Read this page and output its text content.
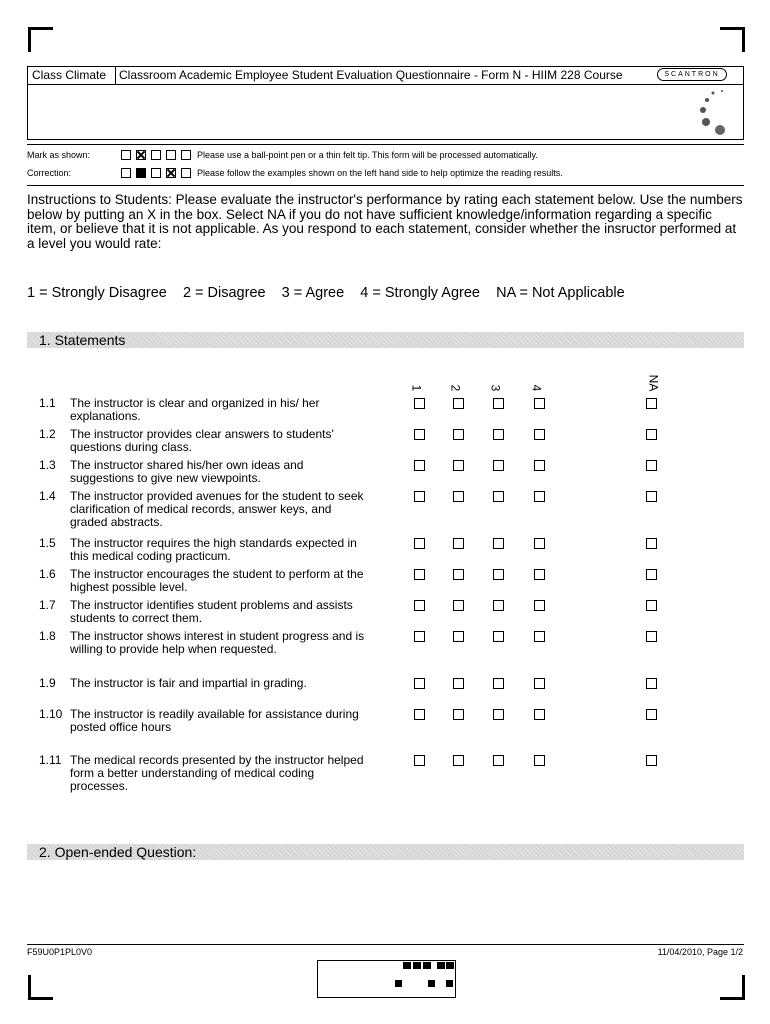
Class Climate Classroom Academic Employee Student Evaluation Questionnaire - Form N - HIIM 228 Course	SCANTRON
Mark as shown:	Please use a ball-point pen or a thin felt tip. This form will be processed automatically.
Correction:	Please follow the examples shown on the left hand side to help optimize the reading results.
Instructions to Students: Please evaluate the instructor's performance by rating each statement below. Use the numbers below by putting an X in the box. Select NA if you do not have sufficient knowledge/information regarding a specific item, or believe that it is not applicable. As you respond to each statement, consider whether the insructor performed at a level you would rate:
1 = Strongly Disagree    2 = Disagree    3 = Agree    4 = Strongly Agree    NA = Not Applicable
1. Statements
1 2 3 4	NA
1.1 The instructor is clear and organized in his/ her explanations.
1.2 The instructor provides clear answers to students' questions during class.
1.3 The instructor shared his/her own ideas and suggestions to give new viewpoints.
1.4 The instructor provided avenues for the student to seek clarification of medical records, answer keys, and graded abstracts.
1.5 The instructor requires the high standards expected in this medical coding practicum.
1.6 The instructor encourages the student to perform at the highest possible level.
1.7 The instructor identifies student problems and assists students to correct them.
1.8 The instructor shows interest in student progress and is willing to provide help when requested.
1.9 The instructor is fair and impartial in grading.
1.10 The instructor is readily available for assistance during posted office hours
1.11 The medical records presented by the instructor helped form a better understanding of medical coding processes.
2. Open-ended Question:
F59U0P1PL0V0	11/04/2010, Page 1/2
